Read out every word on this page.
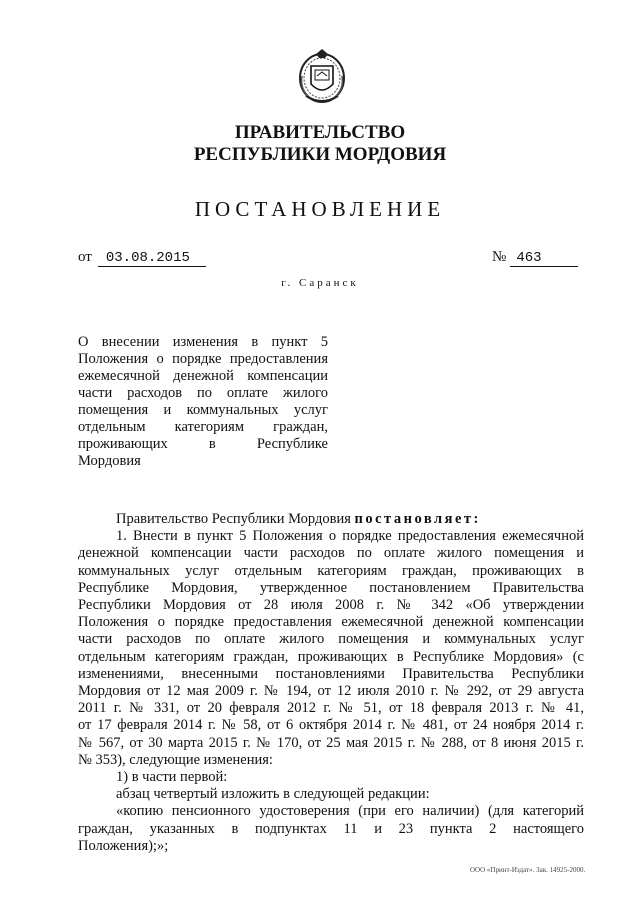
ПРАВИТЕЛЬСТВО
РЕСПУБЛИКИ МОРДОВИЯ
ПОСТАНОВЛЕНИЕ
от 03.08.2015	№ 463
г. Саранск
О внесении изменения в пункт 5
Положения о порядке предоставления
ежемесячной денежной компенсации
части расходов по оплате жилого
помещения и коммунальных услуг
отдельным категориям граждан,
проживающих в Республике
Мордовия
Правительство Республики Мордовия постановляет:
1. Внести в пункт 5 Положения о порядке предоставления ежемесячной
денежной компенсации части расходов по оплате жилого помещения и
коммунальных услуг отдельным категориям граждан, проживающих в
Республике Мордовия, утвержденное постановлением Правительства
Республики Мордовия от 28 июля 2008 г. № 342 «Об утверждении
Положения о порядке предоставления ежемесячной денежной компенсации
части расходов по оплате жилого помещения и коммунальных услуг
отдельным категориям граждан, проживающих в Республике Мордовия» (с
изменениями, внесенными постановлениями Правительства Республики
Мордовия от 12 мая 2009 г. № 194, от 12 июля 2010 г. № 292, от 29 августа
2011 г. № 331, от 20 февраля 2012 г. № 51, от 18 февраля 2013 г. № 41,
от 17 февраля 2014 г. № 58, от 6 октября 2014 г. № 481, от 24 ноября 2014 г.
№ 567, от 30 марта 2015 г. № 170, от 25 мая 2015 г. № 288, от 8 июня 2015 г.
№ 353), следующие изменения:
1) в части первой:
абзац четвертый изложить в следующей редакции:
«копию пенсионного удостоверения (при его наличии) (для категорий
граждан, указанных в подпунктах 11 и 23 пункта 2 настоящего
Положения);»;
ООО «Принт-Издат». Зак. 14925-2000.
